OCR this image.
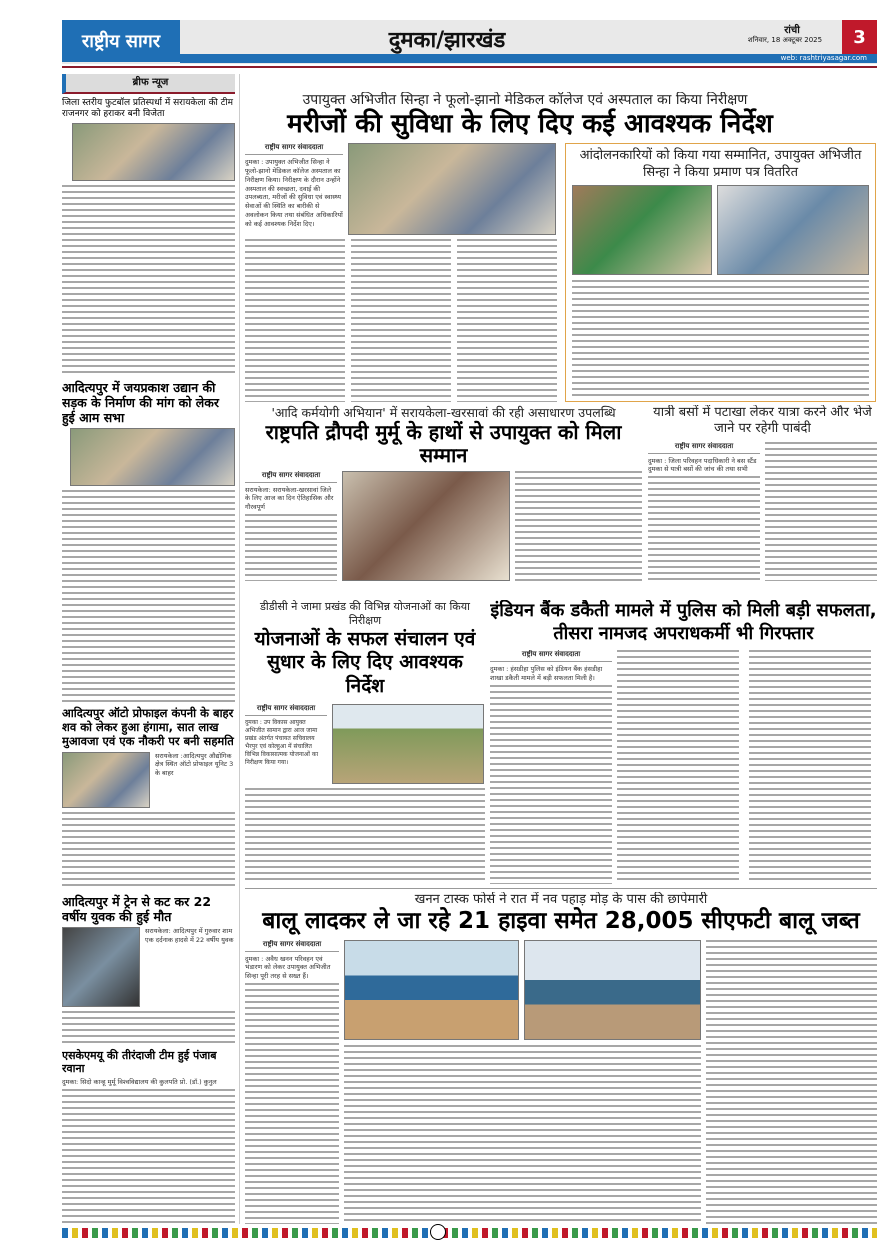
राष्ट्रीय सागर	दुमका/झारखंड	रांची
शनिवार, 18 अक्टूबर 2025	3
web: rashtriyasagar.com
ब्रीफ न्यूज
जिला स्तरीय फुटबॉल प्रतिस्पर्धा में सरायकेला की टीम राजनगर को हराकर बनी विजेता
आदित्यपुर में जयप्रकाश उद्यान की सड़क के निर्माण की मांग को लेकर हुई आम सभा
आदित्यपुर ऑटो प्रोफाइल कंपनी के बाहर शव को लेकर हुआ हंगामा, सात लाख मुआवजा एवं एक नौकरी पर बनी सहमति
सरायकेला :आदित्यपुर औद्योगिक क्षेत्र स्थित ऑटो प्रोफाइल यूनिट 3 के बाहर
आदित्यपुर में ट्रेन से कट कर 22 वर्षीय युवक की हुई मौत
सरायकेला: आदित्यपुर में गुरुवार शाम एक दर्दनाक हादसे में 22 वर्षीय युवक
एसकेएमयू की तीरंदाजी टीम हुई पंजाब रवाना
दुमका: सिदो कान्हू मुर्मू विश्वविद्यालय की कुलपति प्रो. (डॉ.) कुनुल
उपायुक्त अभिजीत सिन्हा ने फूलो-झानो मेडिकल कॉलेज एवं अस्पताल का किया निरीक्षण
मरीजों की सुविधा के लिए दिए कई आवश्यक निर्देश
राष्ट्रीय सागर संवाददाता
दुमका : उपायुक्त अभिजीत सिन्हा ने फूलो-झानो मेडिकल कॉलेज अस्पताल का निरीक्षण किया। निरीक्षण के दौरान उन्होंने अस्पताल की स्वच्छता, दवाई की उपलब्धता, मरीजों की सुविधा एवं स्वास्थ्य सेवाओं की स्थिति का बारीकी से अवलोकन किया तथा संबंधित अधिकारियों को कई आवश्यक निर्देश दिए।
आंदोलनकारियों को किया गया सम्मानित, उपायुक्त अभिजीत सिन्हा ने किया प्रमाण पत्र वितरित
'आदि कर्मयोगी अभियान' में सरायकेला-खरसावां की रही असाधारण उपलब्धि
राष्ट्रपति द्रौपदी मुर्मू के हाथों से उपायुक्त को मिला सम्मान
राष्ट्रीय सागर संवाददाता
सरायकेला: सरायकेला-खरसावां जिले के लिए आज का दिन ऐतिहासिक और गौरवपूर्ण
यात्री बसों में पटाखा लेकर यात्रा करने और भेजे जाने पर रहेगी पाबंदी
राष्ट्रीय सागर संवाददाता
दुमका : जिला परिवहन पदाधिकारी ने बस स्टैंड दुमका से यात्री बसों की जांच की तथा सभी
डीडीसी ने जामा प्रखंड की विभिन्न योजनाओं का किया निरीक्षण
योजनाओं के सफल संचालन एवं सुधार के लिए दिए आवश्यक निर्देश
राष्ट्रीय सागर संवाददाता
दुमका : उप विकास आयुक्त अभिजीत सामान द्वारा आज जामा प्रखंड अंतर्गत पंचायत सचिवालय भैरपुर एवं कोल्हुआ में संचालित विभिन्न विकासात्मक योजनाओं का निरीक्षण किया गया।
इंडियन बैंक डकैती मामले में पुलिस को मिली बड़ी सफलता, तीसरा नामजद अपराधकर्मी भी गिरफ्तार
राष्ट्रीय सागर संवाददाता
दुमका : हंसडीहा पुलिस को इंडियन बैंक हंसडीहा शाखा डकैती मामले में बड़ी सफलता मिली है।
खनन टास्क फोर्स ने रात में नव पहाड़ मोड़ के पास की छापेमारी
बालू लादकर ले जा रहे 21 हाइवा समेत 28,005 सीएफटी बालू जब्त
राष्ट्रीय सागर संवाददाता
दुमका : अवैध खनन परिवहन एवं भंडारण को लेकर उपायुक्त अभिजीत सिन्हा पूरी तरह से सख्त हैं।
